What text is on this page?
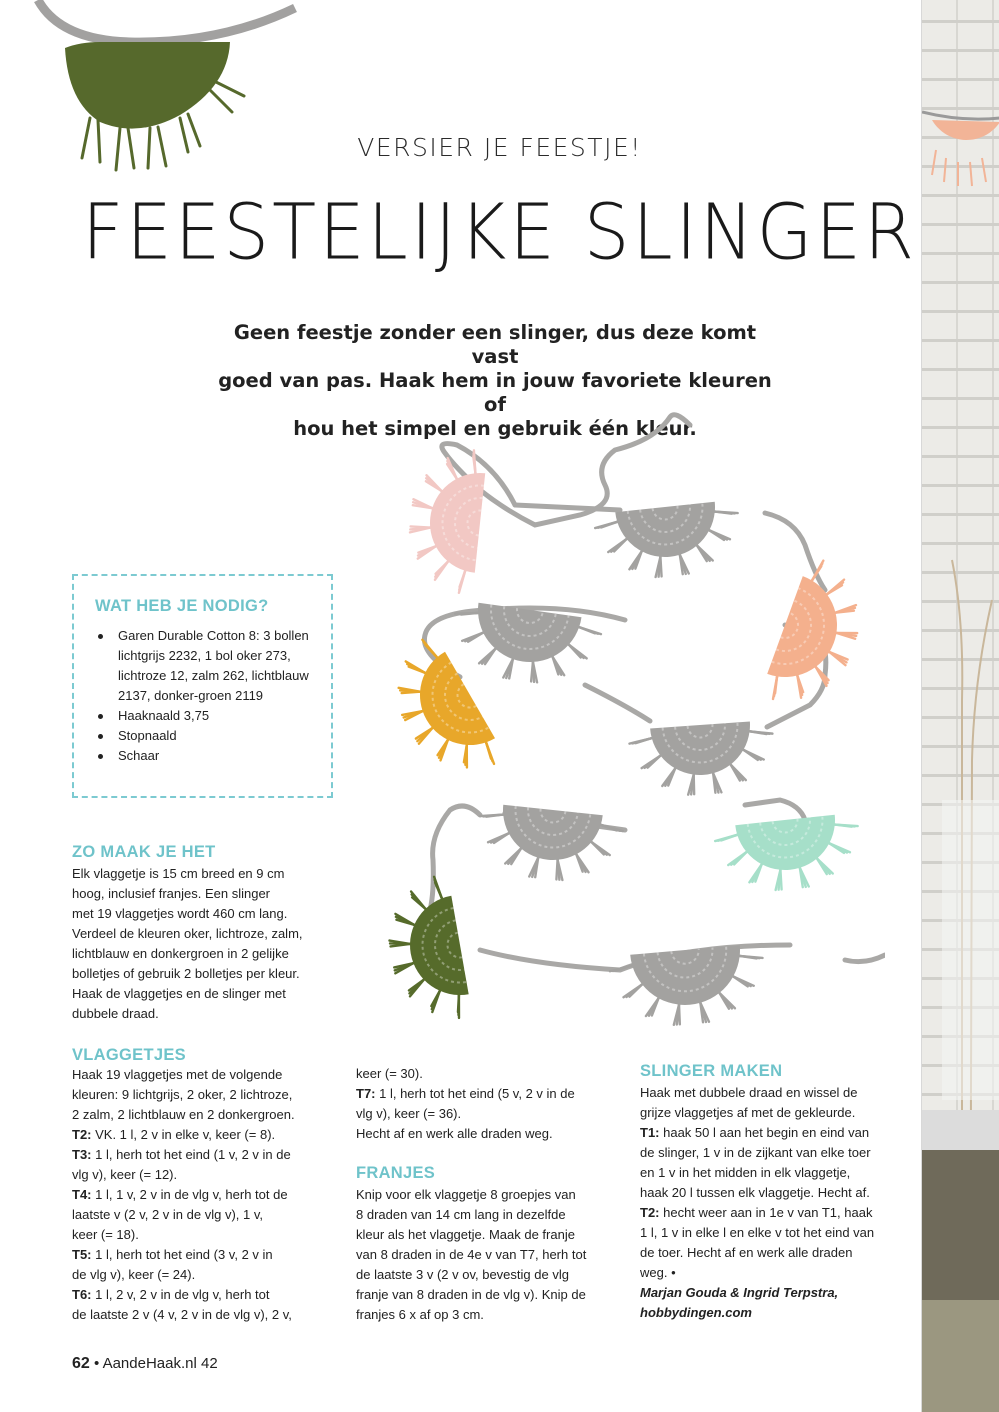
VERSIER JE FEESTJE!
FEESTELIJKE SLINGER
Geen feestje zonder een slinger, dus deze komt vast
goed van pas. Haak hem in jouw favoriete kleuren of
hou het simpel en gebruik één kleur.
WAT HEB JE NODIG?
Garen Durable Cotton 8: 3 bollen lichtgrijs 2232, 1 bol oker 273, lichtroze 12, zalm 262, lichtblauw 2137, donker-groen 2119
Haaknaald 3,75
Stopnaald
Schaar
ZO MAAK JE HET

Elk vlaggetje is 15 cm breed en 9 cm

hoog, inclusief franjes. Een slinger

met 19 vlaggetjes wordt 460 cm lang.

Verdeel de kleuren oker, lichtroze, zalm,

lichtblauw en donkergroen in 2 gelijke

bolletjes of gebruik 2 bolletjes per kleur.

Haak de vlaggetjes en de slinger met

dubbele draad.

VLAGGETJES

Haak 19 vlaggetjes met de volgende

kleuren: 9 lichtgrijs, 2 oker, 2 lichtroze,

2 zalm, 2 lichtblauw en 2 donkergroen.

T2: VK. 1 l, 2 v in elke v, keer (= 8).

T3: 1 l, herh tot het eind (1 v, 2 v in de

vlg v), keer (= 12).

T4: 1 l, 1 v, 2 v in de vlg v, herh tot de

laatste v (2 v, 2 v in de vlg v), 1 v,

keer (= 18).

T5: 1 l, herh tot het eind (3 v, 2 v in

de vlg v), keer (= 24).

T6: 1 l, 2 v, 2 v in de vlg v, herh tot

de laatste 2 v (4 v, 2 v in de vlg v), 2 v,

keer (= 30).

T7: 1 l, herh tot het eind (5 v, 2 v in de

vlg v), keer (= 36).

Hecht af en werk alle draden weg.

FRANJES

Knip voor elk vlaggetje 8 groepjes van

8 draden van 14 cm lang in dezelfde

kleur als het vlaggetje. Maak de franje

van 8 draden in de 4e v van T7, herh tot

de laatste 3 v (2 v ov, bevestig de vlg

franje van 8 draden in de vlg v). Knip de

franjes 6 x af op 3 cm.

SLINGER MAKEN

Haak met dubbele draad en wissel de

grijze vlaggetjes af met de gekleurde.

T1: haak 50 l aan het begin en eind van

de slinger, 1 v in de zijkant van elke toer

en 1 v in het midden in elk vlaggetje,

haak 20 l tussen elk vlaggetje. Hecht af.

T2: hecht weer aan in 1e v van T1, haak

1 l, 1 v in elke l en elke v tot het eind van

de toer. Hecht af en werk alle draden

weg. •

Marjan Gouda & Ingrid Terpstra,

hobbydingen.com

62 • AandeHaak.nl 42
